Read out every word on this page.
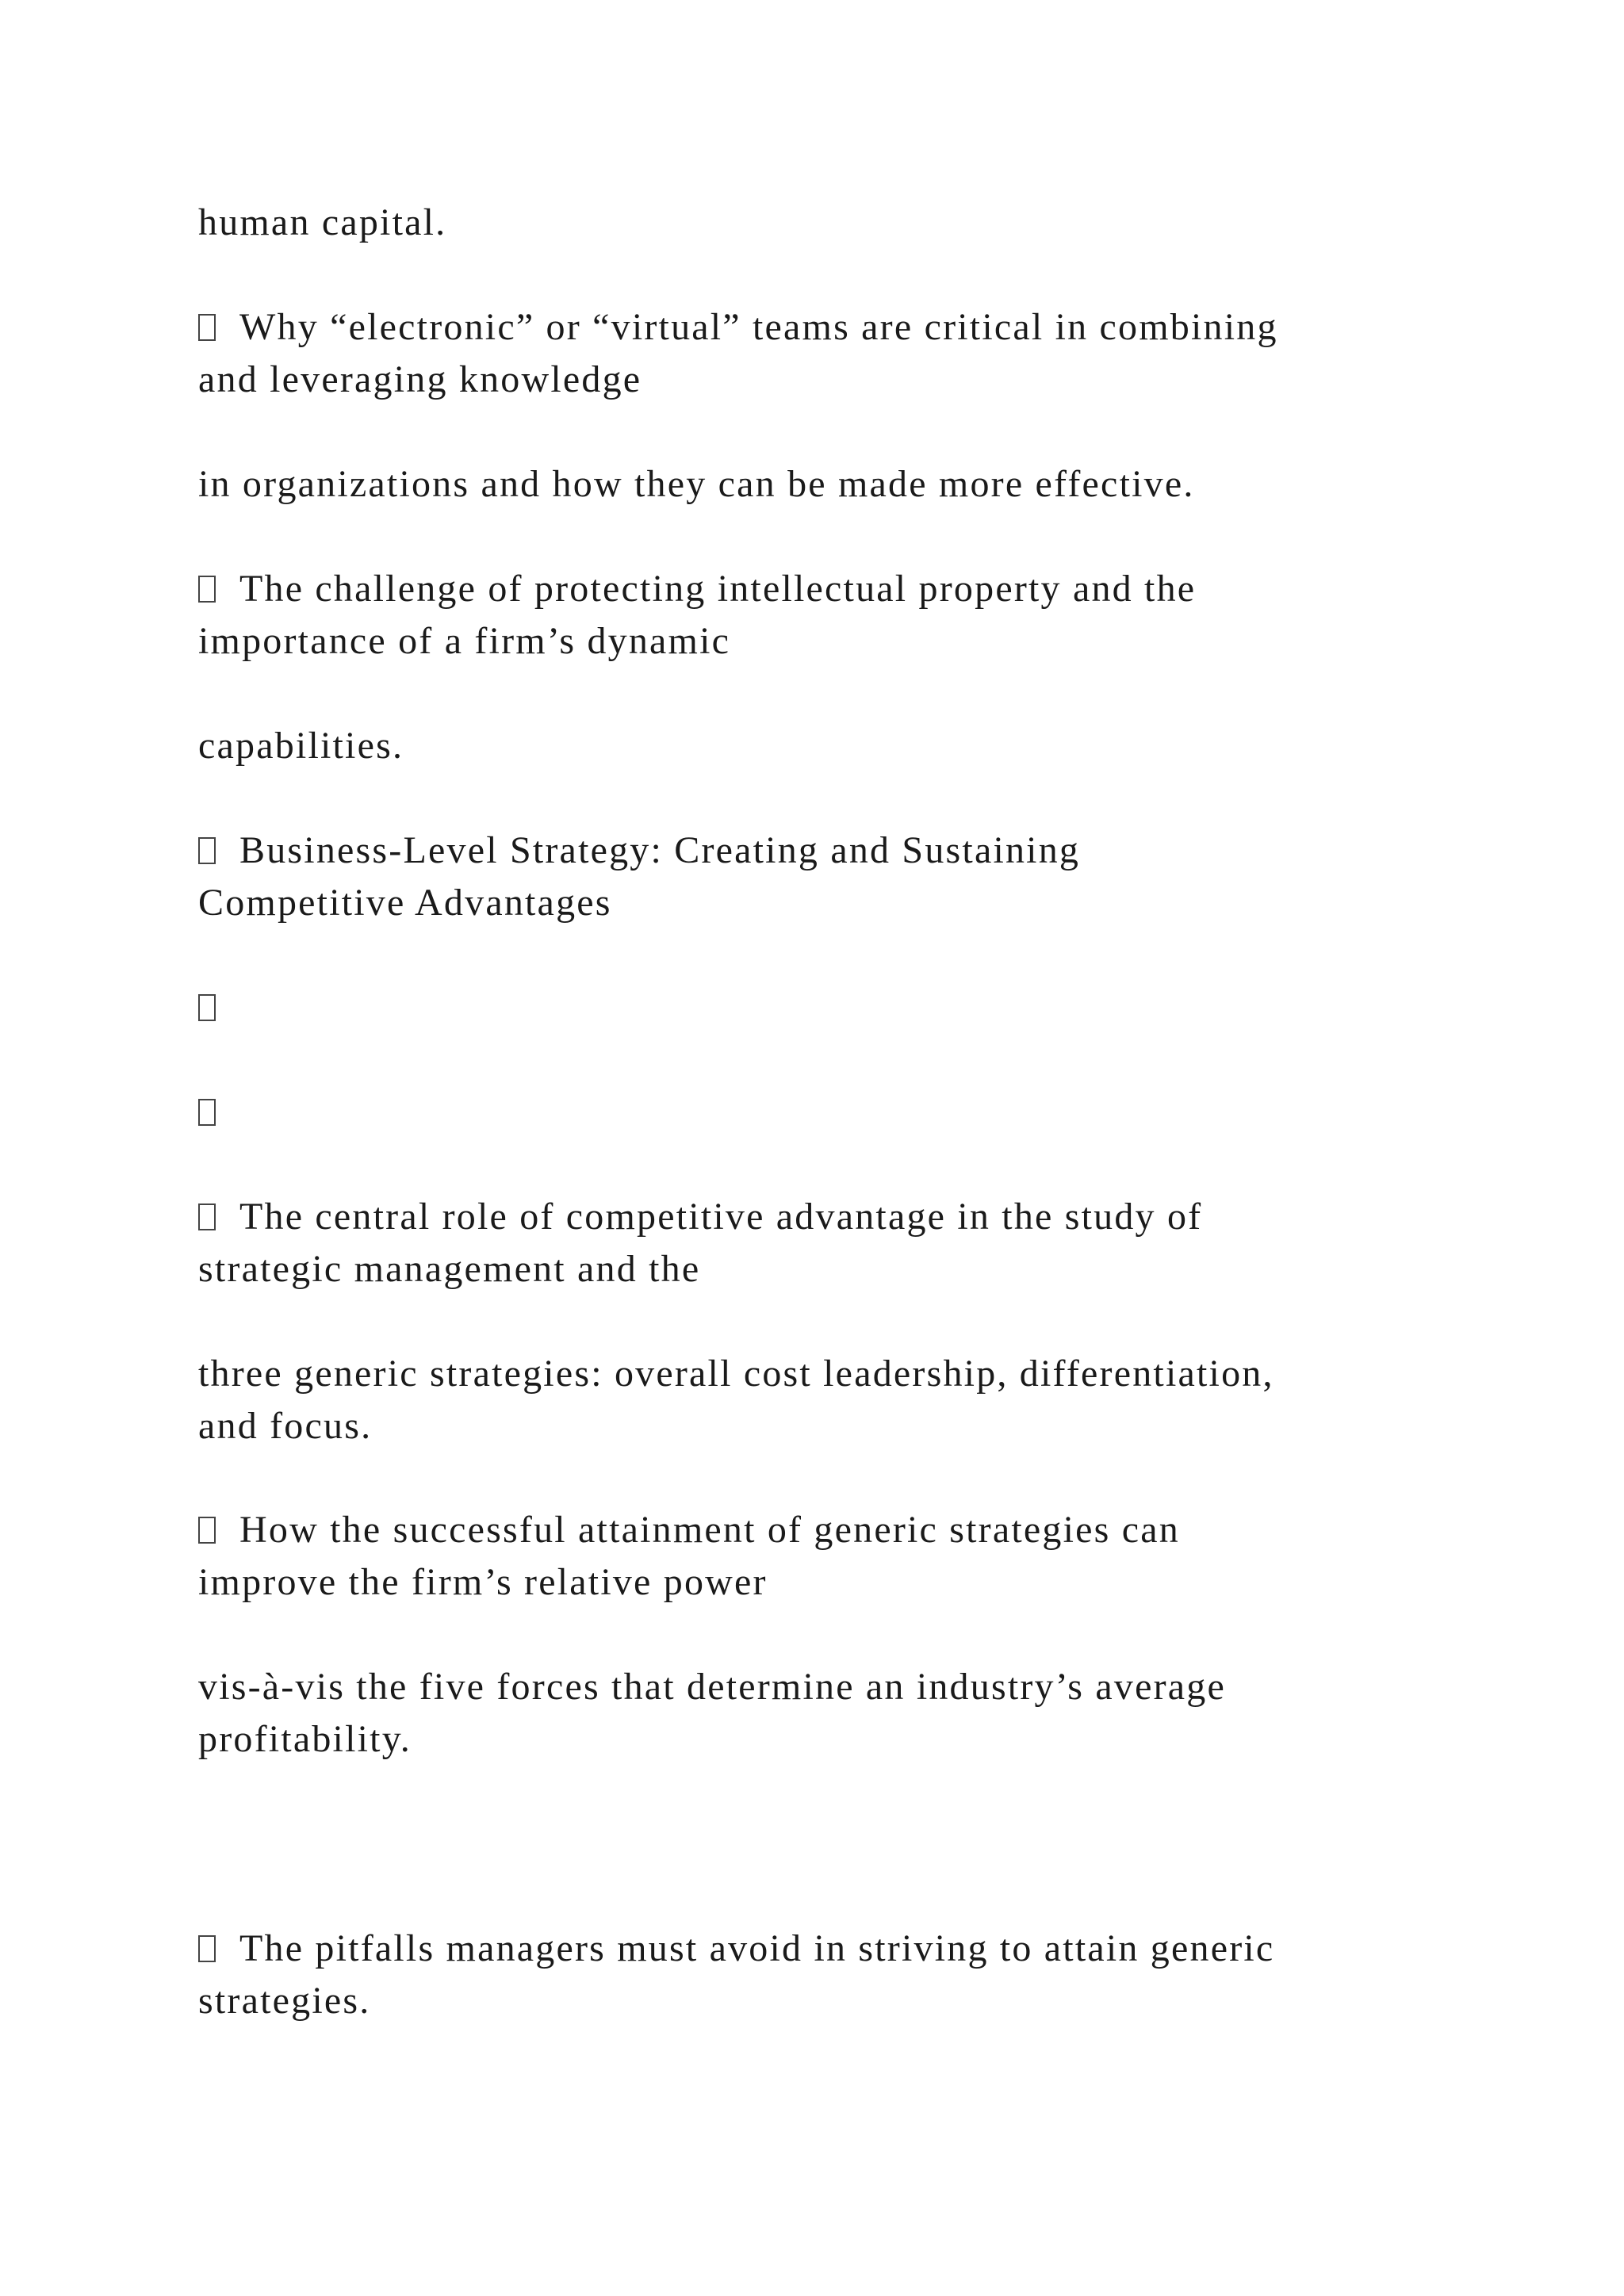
human capital.

Why “electronic” or “virtual” teams are critical in combining
and leveraging knowledge

in organizations and how they can be made more effective.

The challenge of protecting intellectual property and the
importance of a firm’s dynamic

capabilities.

Business-Level Strategy: Creating and Sustaining
Competitive Advantages

The central role of competitive advantage in the study of
strategic management and the

three generic strategies: overall cost leadership, differentiation,
and focus.

How the successful attainment of generic strategies can
improve the firm’s relative power

vis-à-vis the five forces that determine an industry’s average
profitability.

The pitfalls managers must avoid in striving to attain generic
strategies.
